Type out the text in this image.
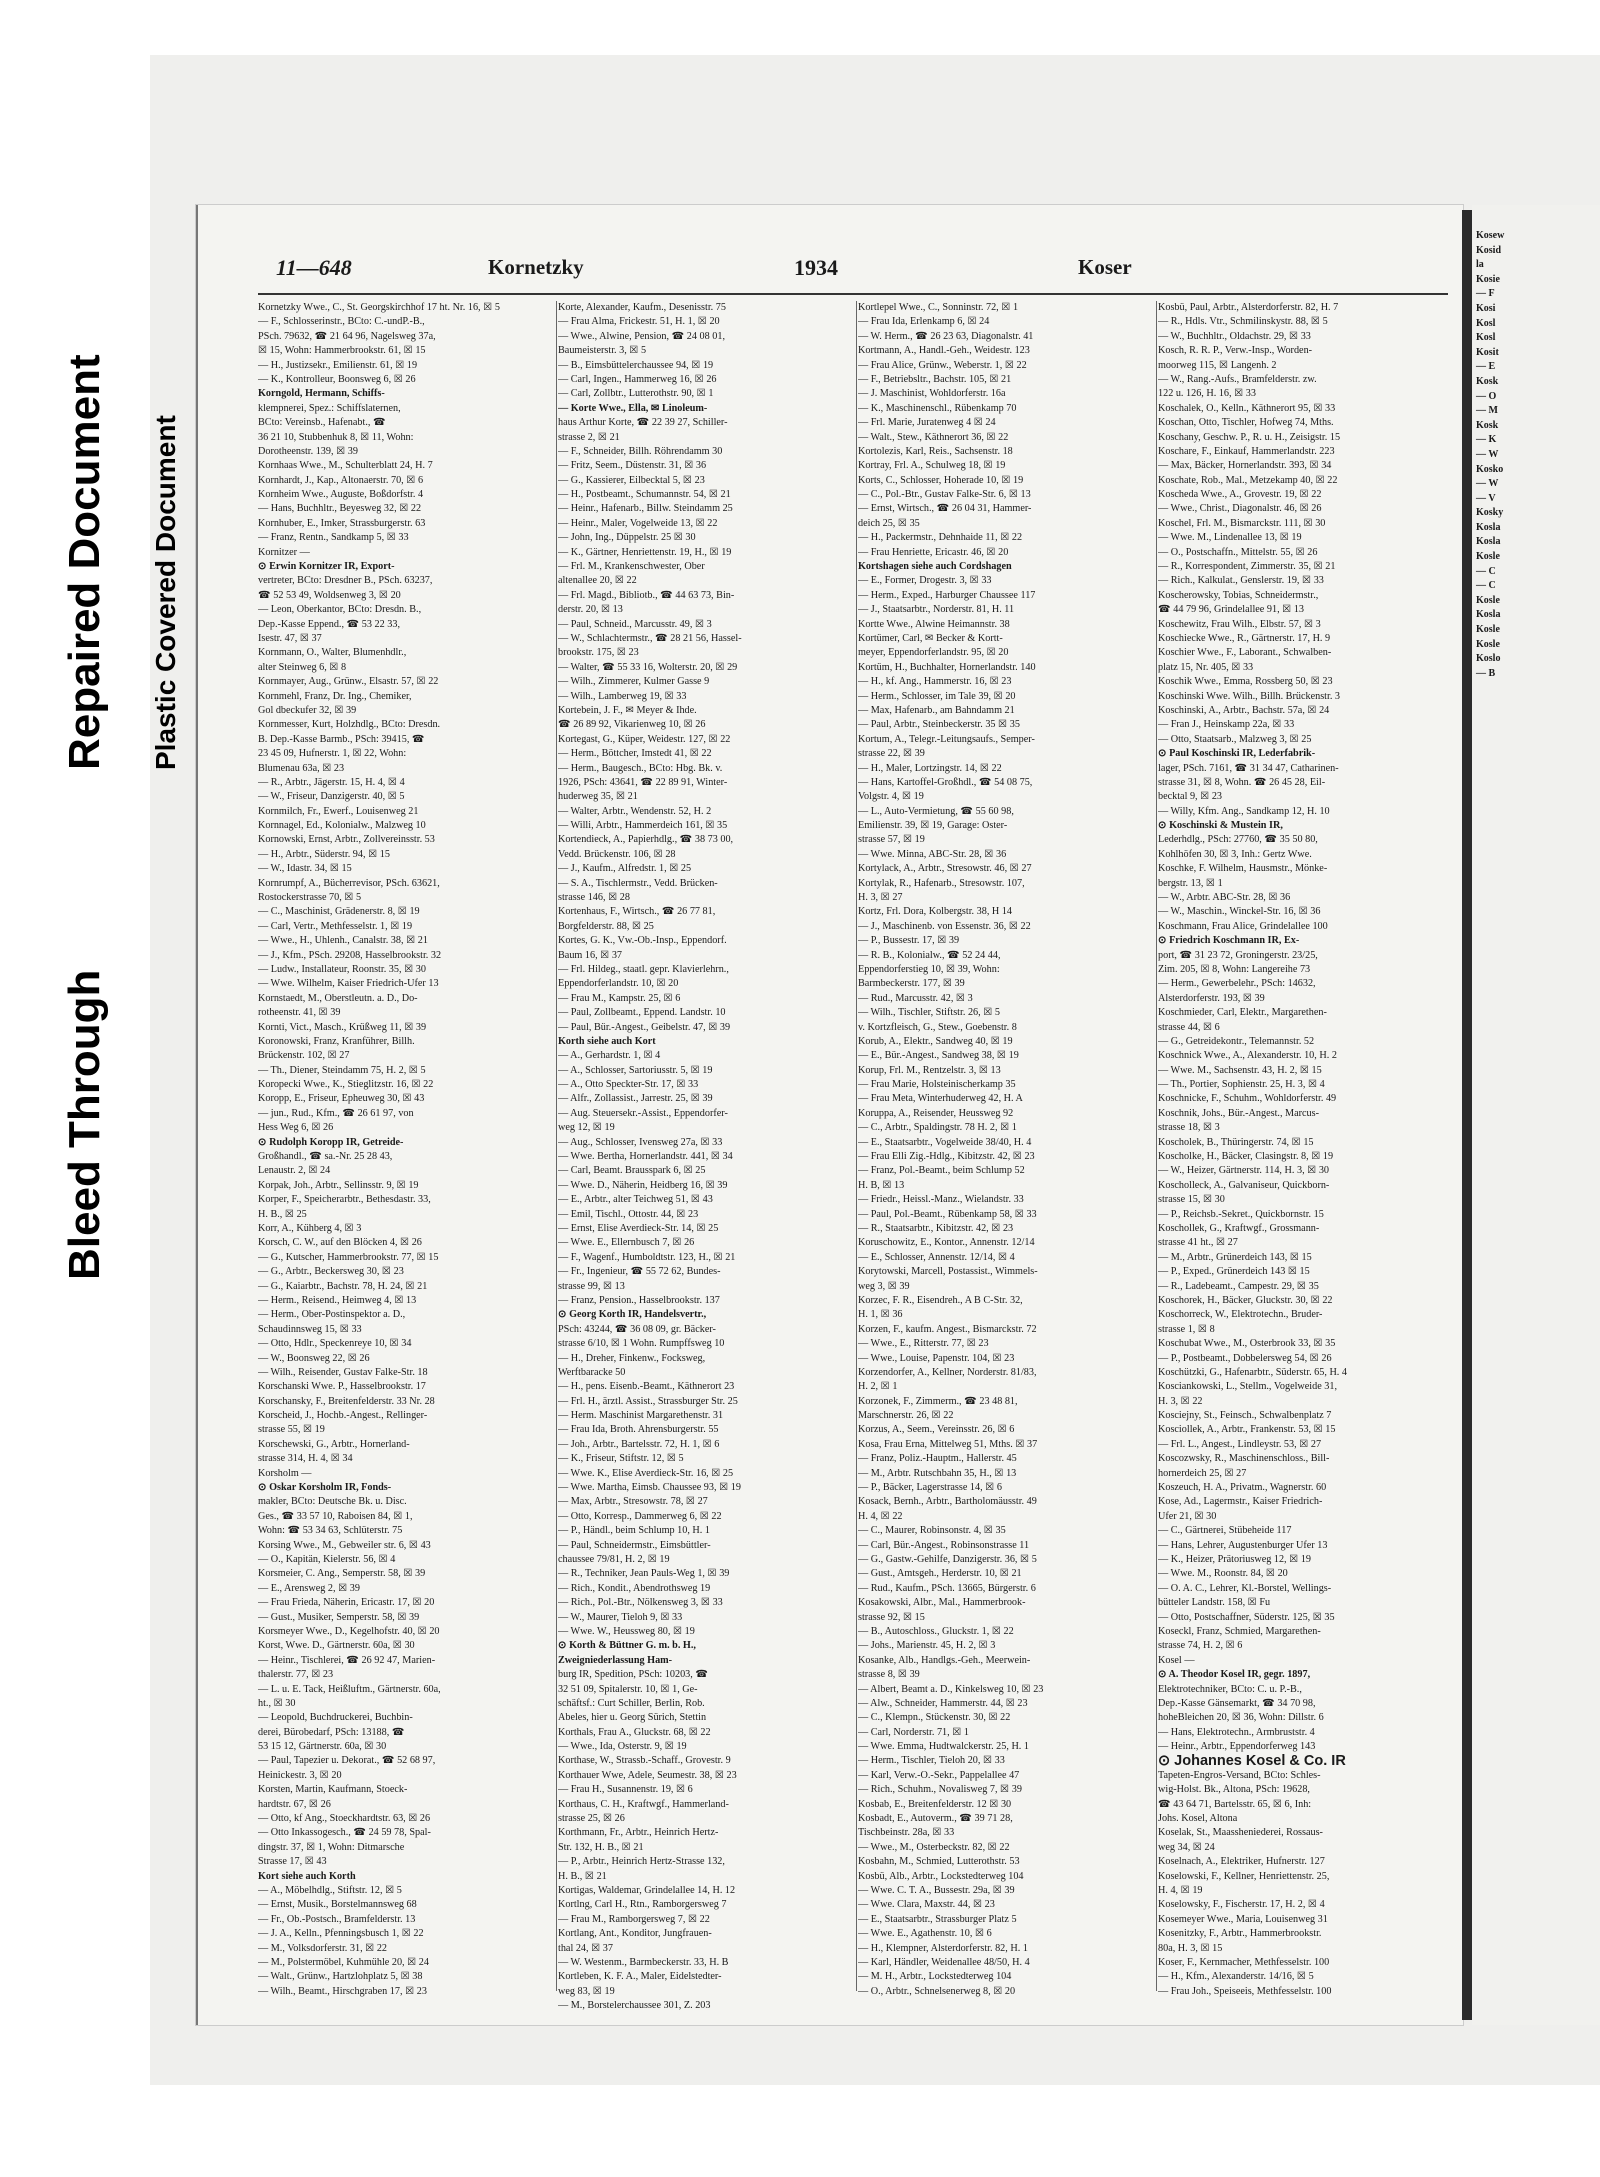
Bleed Through
Repaired Document Plastic Covered Document
11—648	Kornetzky	1934	Koser
Kornetzky Wwe., C., St. Georgskirchhof 17 ht. Nr. 16, ☒ 5
— F., Schlosserinstr., BCto: C.-undP.-B.,
PSch. 79632, ☎ 21 64 96, Nagelsweg 37a,
☒ 15, Wohn: Hammerbrookstr. 61, ☒ 15
— H., Justizsekr., Emilienstr. 61, ☒ 19
— K., Kontrolleur, Boonsweg 6, ☒ 26
Korngold, Hermann, Schiffs-
klempnerei, Spez.: Schiffslaternen,
BCto: Vereinsb., Hafenabt., ☎
36 21 10, Stubbenhuk 8, ☒ 11, Wohn:
Dorotheenstr. 139, ☒ 39
Kornhaas Wwe., M., Schulterblatt 24, H. 7
Kornhardt, J., Kap., Altonaerstr. 70, ☒ 6
Kornheim Wwe., Auguste, Boßdorfstr. 4
— Hans, Buchhltr., Beyesweg 32, ☒ 22
Kornhuber, E., Imker, Strassburgerstr. 63
— Franz, Rentn., Sandkamp 5, ☒ 33
Kornitzer —
⊙ Erwin Kornitzer IR, Export-
vertreter, BCto: Dresdner B., PSch. 63237,
☎ 52 53 49, Woldsenweg 3, ☒ 20
— Leon, Oberkantor, BCto: Dresdn. B.,
Dep.-Kasse Eppend., ☎ 53 22 33,
Isestr. 47, ☒ 37
Kornmann, O., Walter, Blumenhdlr.,
alter Steinweg 6, ☒ 8
Kornmayer, Aug., Grünw., Elsastr. 57, ☒ 22
Kornmehl, Franz, Dr. Ing., Chemiker,
Gol dbeckufer 32, ☒ 39
Kornmesser, Kurt, Holzhdlg., BCto: Dresdn.
B. Dep.-Kasse Barmb., PSch: 39415, ☎
23 45 09, Hufnerstr. 1, ☒ 22, Wohn:
Blumenau 63a, ☒ 23
— R., Arbtr., Jägerstr. 15, H. 4, ☒ 4
— W., Friseur, Danzigerstr. 40, ☒ 5
Kornmilch, Fr., Ewerf., Louisenweg 21
Kornnagel, Ed., Kolonialw., Malzweg 10
Kornowski, Ernst, Arbtr., Zollvereinsstr. 53
— H., Arbtr., Süderstr. 94, ☒ 15
— W., Idastr. 34, ☒ 15
Kornrumpf, A., Bücherrevisor, PSch. 63621,
Rostockerstrasse 70, ☒ 5
— C., Maschinist, Grädenerstr. 8, ☒ 19
— Carl, Vertr., Methfesselstr. 1, ☒ 19
— Wwe., H., Uhlenh., Canalstr. 38, ☒ 21
— J., Kfm., PSch. 29208, Hasselbrookstr. 32
— Ludw., Installateur, Roonstr. 35, ☒ 30
— Wwe. Wilhelm, Kaiser Friedrich-Ufer 13
Kornstaedt, M., Oberstleutn. a. D., Do-
rotheenstr. 41, ☒ 39
Kornti, Vict., Masch., Krüßweg 11, ☒ 39
Koronowski, Franz, Kranführer, Billh.
Brückenstr. 102, ☒ 27
— Th., Diener, Steindamm 75, H. 2, ☒ 5
Koropecki Wwe., K., Stieglitzstr. 16, ☒ 22
Koropp, E., Friseur, Epheuweg 30, ☒ 43
— jun., Rud., Kfm., ☎ 26 61 97, von
Hess Weg 6, ☒ 26
⊙ Rudolph Koropp IR, Getreide-
Großhandl., ☎ sa.-Nr. 25 28 43,
Lenaustr. 2, ☒ 24
Korpak, Joh., Arbtr., Sellinsstr. 9, ☒ 19
Korper, F., Speicherarbtr., Bethesdastr. 33,
H. B., ☒ 25
Korr, A., Kühberg 4, ☒ 3
Korsch, C. W., auf den Blöcken 4, ☒ 26
— G., Kutscher, Hammerbrookstr. 77, ☒ 15
— G., Arbtr., Beckersweg 30, ☒ 23
— G., Kaiarbtr., Bachstr. 78, H. 24, ☒ 21
— Herm., Reisend., Heimweg 4, ☒ 13
— Herm., Ober-Postinspektor a. D.,
Schaudinnsweg 15, ☒ 33
— Otto, Hdlr., Speckenreye 10, ☒ 34
— W., Boonsweg 22, ☒ 26
— Wilh., Reisender, Gustav Falke-Str. 18
Korschanski Wwe. P., Hasselbrookstr. 17
Korschansky, F., Breitenfelderstr. 33 Nr. 28
Korscheid, J., Hochb.-Angest., Rellinger-
strasse 55, ☒ 19
Korschewski, G., Arbtr., Hornerland-
strasse 314, H. 4, ☒ 34
Korsholm —
⊙ Oskar Korsholm IR, Fonds-
makler, BCto: Deutsche Bk. u. Disc.
Ges., ☎ 33 57 10, Raboisen 84, ☒ 1,
Wohn: ☎ 53 34 63, Schlüterstr. 75
Korsing Wwe., M., Gebweiler str. 6, ☒ 43
— O., Kapitän, Kielerstr. 56, ☒ 4
Korsmeier, C. Ang., Semperstr. 58, ☒ 39
— E., Arensweg 2, ☒ 39
— Frau Frieda, Näherin, Ericastr. 17, ☒ 20
— Gust., Musiker, Semperstr. 58, ☒ 39
Korsmeyer Wwe., D., Kegelhofstr. 40, ☒ 20
Korst, Wwe. D., Gärtnerstr. 60a, ☒ 30
— Heinr., Tischlerei, ☎ 26 92 47, Marien-
thalerstr. 77, ☒ 23
— L. u. E. Tack, Heißluftm., Gärtnerstr. 60a,
ht., ☒ 30
— Leopold, Buchdruckerei, Buchbin-
derei, Bürobedarf, PSch: 13188, ☎
53 15 12, Gärtnerstr. 60a, ☒ 30
— Paul, Tapezier u. Dekorat., ☎ 52 68 97,
Heinickestr. 3, ☒ 20
Korsten, Martin, Kaufmann, Stoeck-
hardtstr. 67, ☒ 26
— Otto, kf Ang., Stoeckhardtstr. 63, ☒ 26
— Otto Inkassogesch., ☎ 24 59 78, Spal-
dingstr. 37, ☒ 1, Wohn: Ditmarsche
Strasse 17, ☒ 43
Kort siehe auch Korth
— A., Möbelhdlg., Stiftstr. 12, ☒ 5
— Ernst, Musik., Borstelmannsweg 68
— Fr., Ob.-Postsch., Bramfelderstr. 13
— J. A., Kelln., Pfenningsbusch 1, ☒ 22
— M., Volksdorferstr. 31, ☒ 22
— M., Polstermöbel, Kuhmühle 20, ☒ 24
— Walt., Grünw., Hartzlohplatz 5, ☒ 38
— Wilh., Beamt., Hirschgraben 17, ☒ 23
Korte, Alexander, Kaufm., Desenisstr. 75
— Frau Alma, Frickestr. 51, H. 1, ☒ 20
— Wwe., Alwine, Pension, ☎ 24 08 01,
Baumeisterstr. 3, ☒ 5
— B., Eimsbüttelerchaussee 94, ☒ 19
— Carl, Ingen., Hammerweg 16, ☒ 26
— Carl, Zollbtr., Lutterothstr. 90, ☒ 1
— Korte Wwe., Ella, ✉ Linoleum-
haus Arthur Korte, ☎ 22 39 27, Schiller-
strasse 2, ☒ 21
— F., Schneider, Billh. Röhrendamm 30
— Fritz, Seem., Düstenstr. 31, ☒ 36
— G., Kassierer, Eilbecktal 5, ☒ 23
— H., Postbeamt., Schumannstr. 54, ☒ 21
— Heinr., Hafenarb., Billw. Steindamm 25
— Heinr., Maler, Vogelweide 13, ☒ 22
— John, Ing., Düppelstr. 25 ☒ 30
— K., Gärtner, Henriettenstr. 19, H., ☒ 19
— Frl. M., Krankenschwester, Ober
altenallee 20, ☒ 22
— Frl. Magd., Bibliotb., ☎ 44 63 73, Bin-
derstr. 20, ☒ 13
— Paul, Schneid., Marcusstr. 49, ☒ 3
— W., Schlachtermstr., ☎ 28 21 56, Hassel-
brookstr. 175, ☒ 23
— Walter, ☎ 55 33 16, Wolterstr. 20, ☒ 29
— Wilh., Zimmerer, Kulmer Gasse 9
— Wilh., Lamberweg 19, ☒ 33
Kortebein, J. F., ✉ Meyer & Ihde.
☎ 26 89 92, Vikarienweg 10, ☒ 26
Kortegast, G., Küper, Weidestr. 127, ☒ 22
— Herm., Böttcher, Imstedt 41, ☒ 22
— Herm., Baugesch., BCto: Hbg. Bk. v.
1926, PSch: 43641, ☎ 22 89 91, Winter-
huderweg 35, ☒ 21
— Walter, Arbtr., Wendenstr. 52, H. 2
— Willi, Arbtr., Hammerdeich 161, ☒ 35
Kortendieck, A., Papierhdlg., ☎ 38 73 00,
Vedd. Brückenstr. 106, ☒ 28
— J., Kaufm., Alfredstr. 1, ☒ 25
— S. A., Tischlermstr., Vedd. Brücken-
strasse 146, ☒ 28
Kortenhaus, F., Wirtsch., ☎ 26 77 81,
Borgfelderstr. 88, ☒ 25
Kortes, G. K., Vw.-Ob.-Insp., Eppendorf.
Baum 16, ☒ 37
— Frl. Hildeg., staatl. gepr. Klavierlehrn.,
Eppendorferlandstr. 10, ☒ 20
— Frau M., Kampstr. 25, ☒ 6
— Paul, Zollbeamt., Eppend. Landstr. 10
— Paul, Bür.-Angest., Geibelstr. 47, ☒ 39
Korth siehe auch Kort
— A., Gerhardstr. 1, ☒ 4
— A., Schlosser, Sartoriusstr. 5, ☒ 19
— A., Otto Speckter-Str. 17, ☒ 33
— Alfr., Zollassist., Jarrestr. 25, ☒ 39
— Aug. Steuersekr.-Assist., Eppendorfer-
weg 12, ☒ 19
— Aug., Schlosser, Ivensweg 27a, ☒ 33
— Wwe. Bertha, Hornerlandstr. 441, ☒ 34
— Carl, Beamt. Brausspark 6, ☒ 25
— Wwe. D., Näherin, Heidberg 16, ☒ 39
— E., Arbtr., alter Teichweg 51, ☒ 43
— Emil, Tischl., Ottostr. 44, ☒ 23
— Ernst, Elise Averdieck-Str. 14, ☒ 25
— Wwe. E., Ellernbusch 7, ☒ 26
— F., Wagenf., Humboldtstr. 123, H., ☒ 21
— Fr., Ingenieur, ☎ 55 72 62, Bundes-
strasse 99, ☒ 13
— Franz, Pension., Hasselbrookstr. 137
⊙ Georg Korth IR, Handelsvertr.,
PSch: 43244, ☎ 36 08 09, gr. Bäcker-
strasse 6/10, ☒ 1 Wohn. Rumpffsweg 10
— H., Dreher, Finkenw., Focksweg,
Werftbaracke 50
— H., pens. Eisenb.-Beamt., Käthnerort 23
— Frl. H., ärztl. Assist., Strassburger Str. 25
— Herm. Maschinist Margarethenstr. 31
— Frau Ida, Broth. Ahrensburgerstr. 55
— Joh., Arbtr., Bartelsstr. 72, H. 1, ☒ 6
— K., Friseur, Stiftstr. 12, ☒ 5
— Wwe. K., Elise Averdieck-Str. 16, ☒ 25
— Wwe. Martha, Eimsb. Chaussee 93, ☒ 19
— Max, Arbtr., Stresowstr. 78, ☒ 27
— Otto, Korresp., Dammerweg 6, ☒ 22
— P., Händl., beim Schlump 10, H. 1
— Paul, Schneidermstr., Eimsbüttler-
chaussee 79/81, H. 2, ☒ 19
— R., Techniker, Jean Pauls-Weg 1, ☒ 39
— Rich., Kondit., Abendrothsweg 19
— Rich., Pol.-Btr., Nölkensweg 3, ☒ 33
— W., Maurer, Tieloh 9, ☒ 33
— Wwe. W., Heussweg 80, ☒ 19
⊙ Korth & Büttner G. m. b. H.,
Zweigniederlassung Ham-
burg IR, Spedition, PSch: 10203, ☎
32 51 09, Spitalerstr. 10, ☒ 1, Ge-
schäftsf.: Curt Schiller, Berlin, Rob.
Abeles, hier u. Georg Sürich, Stettin
Korthals, Frau A., Gluckstr. 68, ☒ 22
— Wwe., Ida, Osterstr. 9, ☒ 19
Korthase, W., Strassb.-Schaff., Grovestr. 9
Korthauer Wwe, Adele, Seumestr. 38, ☒ 23
— Frau H., Susannenstr. 19, ☒ 6
Korthaus, C. H., Kraftwgf., Hammerland-
strasse 25, ☒ 26
Korthmann, Fr., Arbtr., Heinrich Hertz-
Str. 132, H. B., ☒ 21
— P., Arbtr., Heinrich Hertz-Strasse 132,
H. B., ☒ 21
Kortigas, Waldemar, Grindelallee 14, H. 12
Kortlng, Carl H., Rtn., Ramborgersweg 7
— Frau M., Ramborgersweg 7, ☒ 22
Kortlang, Ant., Konditor, Jungfrauen-
thal 24, ☒ 37
— W. Westenm., Barmbeckerstr. 33, H. B
Kortleben, K. F. A., Maler, Eidelstedter-
weg 83, ☒ 19
— M., Borstelerchaussee 301, Z. 203
Kortlepel Wwe., C., Sonninstr. 72, ☒ 1
— Frau Ida, Erlenkamp 6, ☒ 24
— W. Herm., ☎ 26 23 63, Diagonalstr. 41
Kortmann, A., Handl.-Geh., Weidestr. 123
— Frau Alice, Grünw., Weberstr. 1, ☒ 22
— F., Betriebsltr., Bachstr. 105, ☒ 21
— J. Maschinist, Wohldorferstr. 16a
— K., Maschinenschl., Rübenkamp 70
— Frl. Marie, Juratenweg 4 ☒ 24
— Walt., Stew., Käthnerort 36, ☒ 22
Kortolezis, Karl, Reis., Sachsenstr. 18
Kortray, Frl. A., Schulweg 18, ☒ 19
Korts, C., Schlosser, Hoherade 10, ☒ 19
— C., Pol.-Btr., Gustav Falke-Str. 6, ☒ 13
— Ernst, Wirtsch., ☎ 26 04 31, Hammer-
deich 25, ☒ 35
— H., Packermstr., Dehnhaide 11, ☒ 22
— Frau Henriette, Ericastr. 46, ☒ 20
Kortshagen siehe auch Cordshagen
— E., Former, Drogestr. 3, ☒ 33
— Herm., Exped., Harburger Chaussee 117
— J., Staatsarbtr., Norderstr. 81, H. 11
Kortte Wwe., Alwine Heimannstr. 38
Kortümer, Carl, ✉ Becker & Kortt-
meyer, Eppendorferlandstr. 95, ☒ 20
Kortüm, H., Buchhalter, Hornerlandstr. 140
— H., kf. Ang., Hammerstr. 16, ☒ 23
— Herm., Schlosser, im Tale 39, ☒ 20
— Max, Hafenarb., am Bahndamm 21
— Paul, Arbtr., Steinbeckerstr. 35 ☒ 35
Kortum, A., Telegr.-Leitungsaufs., Semper-
strasse 22, ☒ 39
— H., Maler, Lortzingstr. 14, ☒ 22
— Hans, Kartoffel-Großhdl., ☎ 54 08 75,
Volgstr. 4, ☒ 19
— L., Auto-Vermietung, ☎ 55 60 98,
Emilienstr. 39, ☒ 19, Garage: Oster-
strasse 57, ☒ 19
— Wwe. Minna, ABC-Str. 28, ☒ 36
Kortylack, A., Arbtr., Stresowstr. 46, ☒ 27
Kortylak, R., Hafenarb., Stresowstr. 107,
H. 3, ☒ 27
Kortz, Frl. Dora, Kolbergstr. 38, H 14
— J., Maschinenb. von Essenstr. 36, ☒ 22
— P., Bussestr. 17, ☒ 39
— R. B., Kolonialw., ☎ 52 24 44,
Eppendorferstieg 10, ☒ 39, Wohn:
Barmbeckerstr. 177, ☒ 39
— Rud., Marcusstr. 42, ☒ 3
— Wilh., Tischler, Stiftstr. 26, ☒ 5
v. Kortzfleisch, G., Stew., Goebenstr. 8
Korub, A., Elektr., Sandweg 40, ☒ 19
— E., Bür.-Angest., Sandweg 38, ☒ 19
Korup, Frl. M., Rentzelstr. 3, ☒ 13
— Frau Marie, Holsteinischerkamp 35
— Frau Meta, Winterhuderweg 42, H. A
Koruppa, A., Reisender, Heussweg 92
— C., Arbtr., Spaldingstr. 78 H. 2, ☒ 1
— E., Staatsarbtr., Vogelweide 38/40, H. 4
— Frau Elli Zig.-Hdlg., Kibitzstr. 42, ☒ 23
— Franz, Pol.-Beamt., beim Schlump 52
H. B, ☒ 13
— Friedr., Heissl.-Manz., Wielandstr. 33
— Paul, Pol.-Beamt., Rübenkamp 58, ☒ 33
— R., Staatsarbtr., Kibitzstr. 42, ☒ 23
Koruschowitz, E., Kontor., Annenstr. 12/14
— E., Schlosser, Annenstr. 12/14, ☒ 4
Korytowski, Marcell, Postassist., Wimmels-
weg 3, ☒ 39
Korzec, F. R., Eisendreh., A B C-Str. 32,
H. 1, ☒ 36
Korzen, F., kaufm. Angest., Bismarckstr. 72
— Wwe., E., Ritterstr. 77, ☒ 23
— Wwe., Louise, Papenstr. 104, ☒ 23
Korzendorfer, A., Kellner, Norderstr. 81/83,
H. 2, ☒ 1
Korzonek, F., Zimmerm., ☎ 23 48 81,
Marschnerstr. 26, ☒ 22
Korzus, A., Seem., Vereinsstr. 26, ☒ 6
Kosa, Frau Erna, Mittelweg 51, Mths. ☒ 37
— Franz, Poliz.-Hauptm., Hallerstr. 45
— M., Arbtr. Rutschbahn 35, H., ☒ 13
— P., Bäcker, Lagerstrasse 14, ☒ 6
Kosack, Bernh., Arbtr., Bartholomäusstr. 49
H. 4, ☒ 22
— C., Maurer, Robinsonstr. 4, ☒ 35
— Carl, Bür.-Angest., Robinsonstrasse 11
— G., Gastw.-Gehilfe, Danzigerstr. 36, ☒ 5
— Gust., Amtsgeh., Herderstr. 10, ☒ 21
— Rud., Kaufm., PSch. 13665, Bürgerstr. 6
Kosakowski, Albr., Mal., Hammerbrook-
strasse 92, ☒ 15
— B., Autoschloss., Gluckstr. 1, ☒ 22
— Johs., Marienstr. 45, H. 2, ☒ 3
Kosanke, Alb., Handlgs.-Geh., Meerwein-
strasse 8, ☒ 39
— Albert, Beamt a. D., Kinkelsweg 10, ☒ 23
— Alw., Schneider, Hammerstr. 44, ☒ 23
— C., Klempn., Stückenstr. 30, ☒ 22
— Carl, Norderstr. 71, ☒ 1
— Wwe. Emma, Hudtwalckerstr. 25, H. 1
— Herm., Tischler, Tieloh 20, ☒ 33
— Karl, Verw.-O.-Sekr., Pappelallee 47
— Rich., Schuhm., Novalisweg 7, ☒ 39
Kosbab, E., Breitenfelderstr. 12 ☒ 30
Kosbadt, E., Autoverm., ☎ 39 71 28,
Tischbeinstr. 28a, ☒ 33
— Wwe., M., Osterbeckstr. 82, ☒ 22
Kosbahn, M., Schmied, Lutterothstr. 53
Kosbü, Alb., Arbtr., Lockstedterweg 104
— Wwe. C. T. A., Bussestr. 29a, ☒ 39
— Wwe. Clara, Maxstr. 44, ☒ 23
— E., Staatsarbtr., Strassburger Platz 5
— Wwe. E., Agathenstr. 10, ☒ 6
— H., Klempner, Alsterdorferstr. 82, H. 1
— Karl, Händler, Weidenallee 48/50, H. 4
— M. H., Arbtr., Lockstedterweg 104
— O., Arbtr., Schnelsenerweg 8, ☒ 20
Kosbü, Paul, Arbtr., Alsterdorferstr. 82, H. 7
— R., Hdls. Vtr., Schmilinskystr. 88, ☒ 5
— W., Buchhltr., Oldachstr. 29, ☒ 33
Kosch, R. R. P., Verw.-Insp., Worden-
moorweg 115, ☒ Langenh. 2
— W., Rang.-Aufs., Bramfelderstr. zw.
122 u. 126, H. 16, ☒ 33
Koschalek, O., Kelln., Käthnerort 95, ☒ 33
Koschan, Otto, Tischler, Hofweg 74, Mths.
Koschany, Geschw. P., R. u. H., Zeisigstr. 15
Koschare, F., Einkauf, Hammerlandstr. 223
— Max, Bäcker, Hornerlandstr. 393, ☒ 34
Koschate, Rob., Mal., Metzekamp 40, ☒ 22
Koscheda Wwe., A., Grovestr. 19, ☒ 22
— Wwe., Christ., Diagonalstr. 46, ☒ 26
Koschel, Frl. M., Bismarckstr. 111, ☒ 30
— Wwe. M., Lindenallee 13, ☒ 19
— O., Postschaffn., Mittelstr. 55, ☒ 26
— R., Korrespondent, Zimmerstr. 35, ☒ 21
— Rich., Kalkulat., Genslerstr. 19, ☒ 33
Koscherowsky, Tobias, Schneidermstr.,
☎ 44 79 96, Grindelallee 91, ☒ 13
Koschewitz, Frau Wilh., Elbstr. 57, ☒ 3
Koschiecke Wwe., R., Gärtnerstr. 17, H. 9
Koschier Wwe., F., Laborant., Schwalben-
platz 15, Nr. 405, ☒ 33
Koschik Wwe., Emma, Rossberg 50, ☒ 23
Koschinski Wwe. Wilh., Billh. Brückenstr. 3
Koschinski, A., Arbtr., Bachstr. 57a, ☒ 24
— Fran J., Heinskamp 22a, ☒ 33
— Otto, Staatsarb., Malzweg 3, ☒ 25
⊙ Paul Koschinski IR, Lederfabrik-
lager, PSch. 7161, ☎ 31 34 47, Catharinen-
strasse 31, ☒ 8, Wohn. ☎ 26 45 28, Eil-
becktal 9, ☒ 23
— Willy, Kfm. Ang., Sandkamp 12, H. 10
⊙ Koschinski & Mustein IR,
Lederhdlg., PSch: 27760, ☎ 35 50 80,
Kohlhöfen 30, ☒ 3, Inh.: Gertz Wwe.
Koschke, F. Wilhelm, Hausmstr., Mönke-
bergstr. 13, ☒ 1
— W., Arbtr. ABC-Str. 28, ☒ 36
— W., Maschin., Winckel-Str. 16, ☒ 36
Koschmann, Frau Alice, Grindelallee 100
⊙ Friedrich Koschmann IR, Ex-
port, ☎ 31 23 72, Groningerstr. 23/25,
Zim. 205, ☒ 8, Wohn: Langereihe 73
— Herm., Gewerbelehr., PSch: 14632,
Alsterdorferstr. 193, ☒ 39
Koschmieder, Carl, Elektr., Margarethen-
strasse 44, ☒ 6
— G., Getreidekontr., Telemannstr. 52
Koschnick Wwe., A., Alexanderstr. 10, H. 2
— Wwe. M., Sachsenstr. 43, H. 2, ☒ 15
— Th., Portier, Sophienstr. 25, H. 3, ☒ 4
Koschnicke, F., Schuhm., Wohldorferstr. 49
Koschnik, Johs., Bür.-Angest., Marcus-
strasse 18, ☒ 3
Koscholek, B., Thüringerstr. 74, ☒ 15
Koscholke, H., Bäcker, Clasingstr. 8, ☒ 19
— W., Heizer, Gärtnerstr. 114, H. 3, ☒ 30
Koscholleck, A., Galvaniseur, Quickborn-
strasse 15, ☒ 30
— P., Reichsb.-Sekret., Quickbornstr. 15
Koschollek, G., Kraftwgf., Grossmann-
strasse 41 ht., ☒ 27
— M., Arbtr., Grünerdeich 143, ☒ 15
— P., Exped., Grünerdeich 143 ☒ 15
— R., Ladebeamt., Campestr. 29, ☒ 35
Koschorek, H., Bäcker, Gluckstr. 30, ☒ 22
Koschorreck, W., Elektrotechn., Bruder-
strasse 1, ☒ 8
Koschubat Wwe., M., Osterbrook 33, ☒ 35
— P., Postbeamt., Dobbelersweg 54, ☒ 26
Koschützki, G., Hafenarbtr., Süderstr. 65, H. 4
Kosciankowski, L., Stellm., Vogelweide 31,
H. 3, ☒ 22
Kosciejny, St., Feinsch., Schwalbenplatz 7
Kosciollek, A., Arbtr., Frankenstr. 53, ☒ 15
— Frl. L., Angest., Lindleystr. 53, ☒ 27
Koscozwsky, R., Maschinenschloss., Bill-
hornerdeich 25, ☒ 27
Koszeuch, H. A., Privatm., Wagnerstr. 60
Kose, Ad., Lagermstr., Kaiser Friedrich-
Ufer 21, ☒ 30
— C., Gärtnerei, Stübeheide 117
— Hans, Lehrer, Augustenburger Ufer 13
— K., Heizer, Prätoriusweg 12, ☒ 19
— Wwe. M., Roonstr. 84, ☒ 20
— O. A. C., Lehrer, Kl.-Borstel, Wellings-
bütteler Landstr. 158, ☒ Fu
— Otto, Postschaffner, Süderstr. 125, ☒ 35
Koseckl, Franz, Schmied, Margarethen-
strasse 74, H. 2, ☒ 6
Kosel —
⊙ A. Theodor Kosel IR, gegr. 1897,
Elektrotechniker, BCto: C. u. P.-B.,
Dep.-Kasse Gänsemarkt, ☎ 34 70 98,
hoheBleichen 20, ☒ 36, Wohn: Dillstr. 6
— Hans, Elektrotechn., Armbruststr. 4
— Heinr., Arbtr., Eppendorferweg 143
⊙ Johannes Kosel & Co. IR
Tapeten-Engros-Versand, BCto: Schles-
wig-Holst. Bk., Altona, PSch: 19628,
☎ 43 64 71, Bartelsstr. 65, ☒ 6, Inh:
Johs. Kosel, Altona
Koselak, St., Maassheniederei, Rossaus-
weg 34, ☒ 24
Koselnach, A., Elektriker, Hufnerstr. 127
Koselowski, F., Kellner, Henriettenstr. 25,
H. 4, ☒ 19
Koselowsky, F., Fischerstr. 17, H. 2, ☒ 4
Kosemeyer Wwe., Maria, Louisenweg 31
Kosenitzky, F., Arbtr., Hammerbrookstr.
80a, H. 3, ☒ 15
Koser, F., Kernmacher, Methfesselstr. 100
— H., Kfm., Alexanderstr. 14/16, ☒ 5
— Frau Joh., Speiseeis, Methfesselstr. 100
Kosew
Kosid
la
Kosie
— F
Kosi
Kosl
Kosl
Kosit
— E
Kosk
— O
— M
Kosk
— K
— W
Kosko
— W
— V
Kosky
Kosla
Kosla
Kosle
— C
— C
Kosle
Kosla
Kosle
Kosle
Koslo
— B
